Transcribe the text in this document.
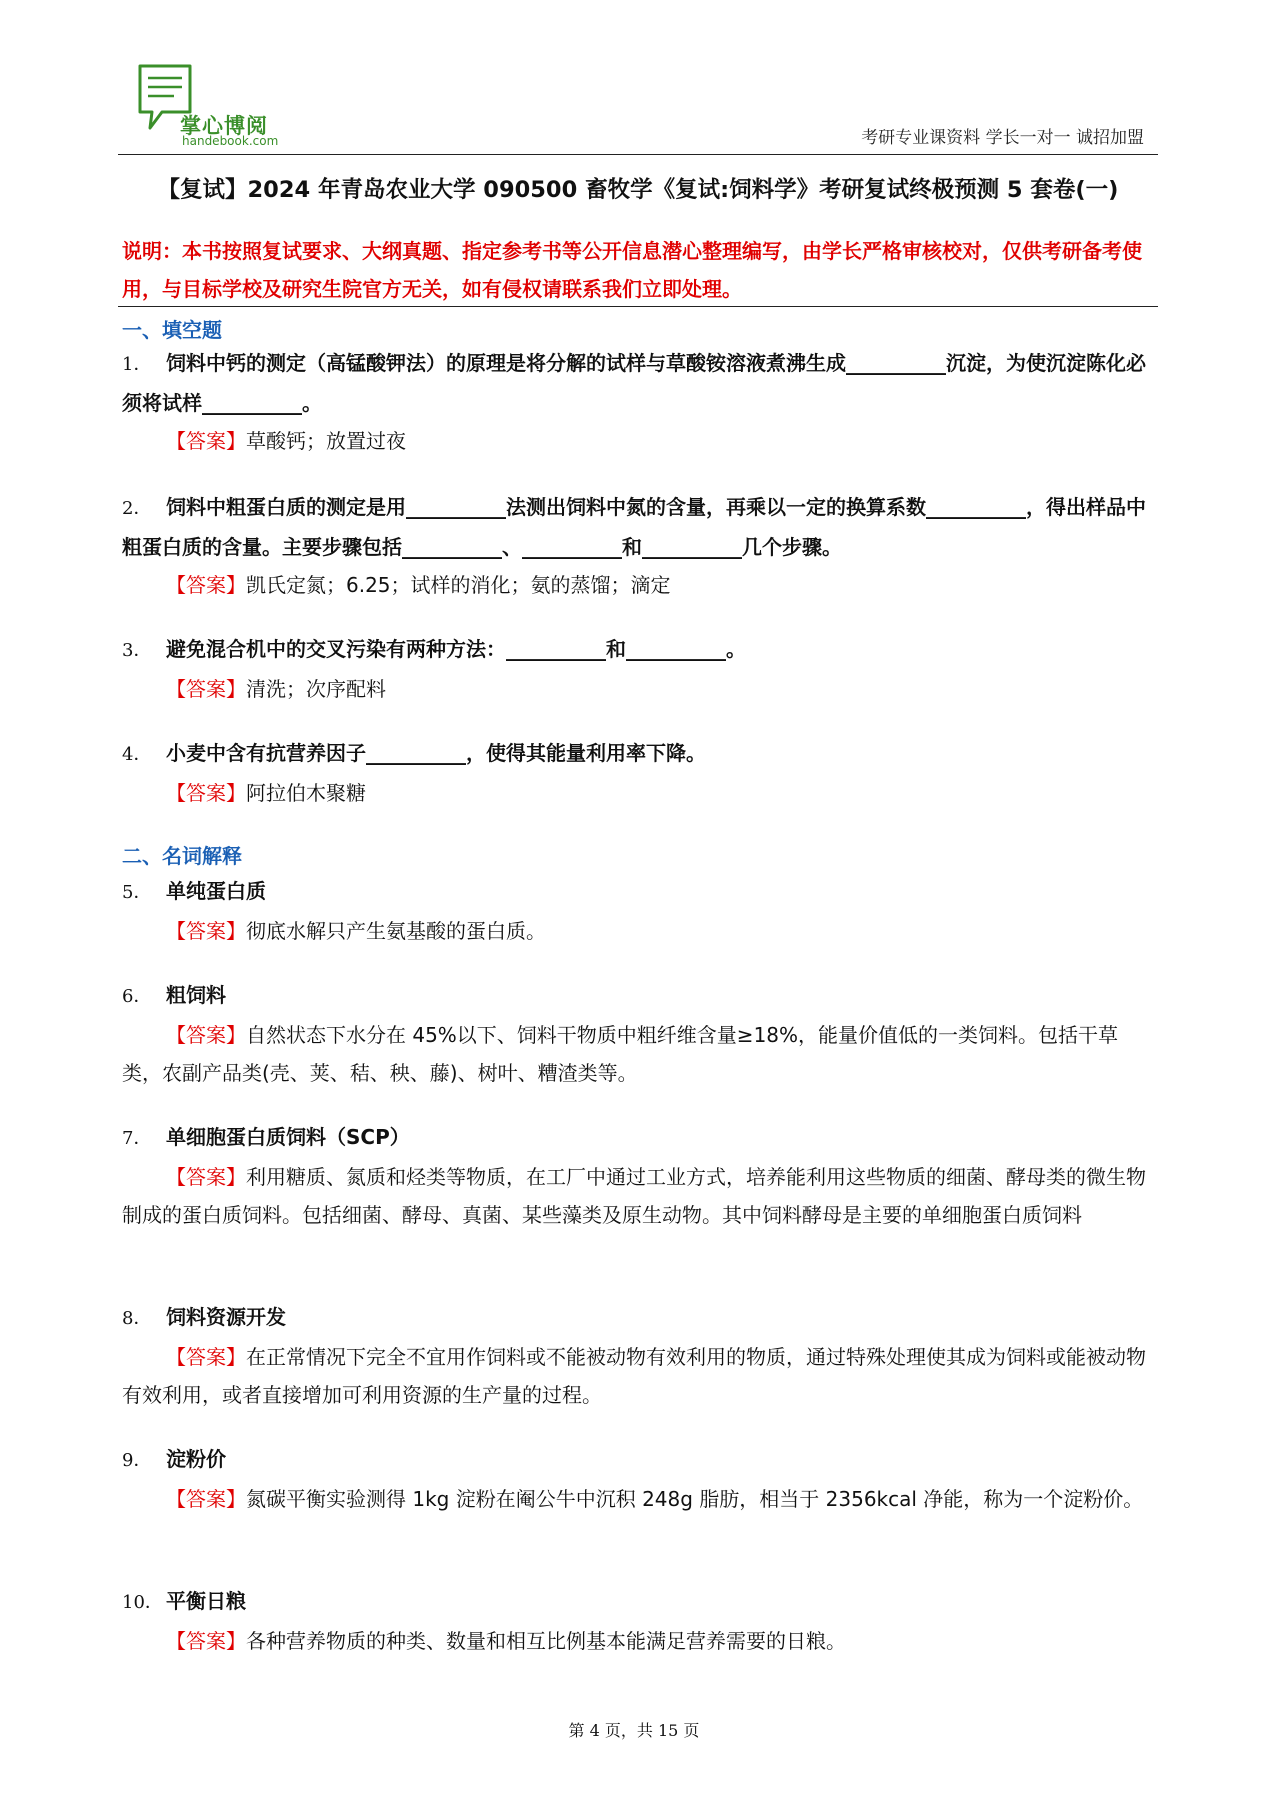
掌心博阅
handebook.com	考研专业课资料 学长一对一 诚招加盟
【复试】2024 年青岛农业大学 090500 畜牧学《复试:饲料学》考研复试终极预测 5 套卷(一)
说明：本书按照复试要求、大纲真题、指定参考书等公开信息潜心整理编写，由学长严格审核校对，仅供考研备考使用，与目标学校及研究生院官方无关，如有侵权请联系我们立即处理。
一、填空题
1． 饲料中钙的测定（高锰酸钾法）的原理是将分解的试样与草酸铵溶液煮沸生成__________沉淀，为使沉淀陈化必须将试样__________。
【答案】草酸钙；放置过夜
2． 饲料中粗蛋白质的测定是用__________法测出饲料中氮的含量，再乘以一定的换算系数__________，得出样品中粗蛋白质的含量。主要步骤包括__________、__________和__________几个步骤。
【答案】凯氏定氮；6.25；试样的消化；氨的蒸馏；滴定
3． 避免混合机中的交叉污染有两种方法：__________和__________。
【答案】清洗；次序配料
4． 小麦中含有抗营养因子__________，使得其能量利用率下降。
【答案】阿拉伯木聚糖
二、名词解释
5． 单纯蛋白质
【答案】彻底水解只产生氨基酸的蛋白质。
6． 粗饲料
【答案】自然状态下水分在 45%以下、饲料干物质中粗纤维含量≥18%，能量价值低的一类饲料。包括干草类，农副产品类(壳、荚、秸、秧、藤)、树叶、糟渣类等。
7． 单细胞蛋白质饲料（SCP）
【答案】利用糖质、氮质和烃类等物质，在工厂中通过工业方式，培养能利用这些物质的细菌、酵母类的微生物制成的蛋白质饲料。包括细菌、酵母、真菌、某些藻类及原生动物。其中饲料酵母是主要的单细胞蛋白质饲料
8． 饲料资源开发
【答案】在正常情况下完全不宜用作饲料或不能被动物有效利用的物质，通过特殊处理使其成为饲料或能被动物有效利用，或者直接增加可利用资源的生产量的过程。
9． 淀粉价
【答案】氮碳平衡实验测得 1kg 淀粉在阉公牛中沉积 248g 脂肪，相当于 2356kcal 净能，称为一个淀粉价。
10． 平衡日粮
【答案】各种营养物质的种类、数量和相互比例基本能满足营养需要的日粮。
第 4 页，共 15 页
